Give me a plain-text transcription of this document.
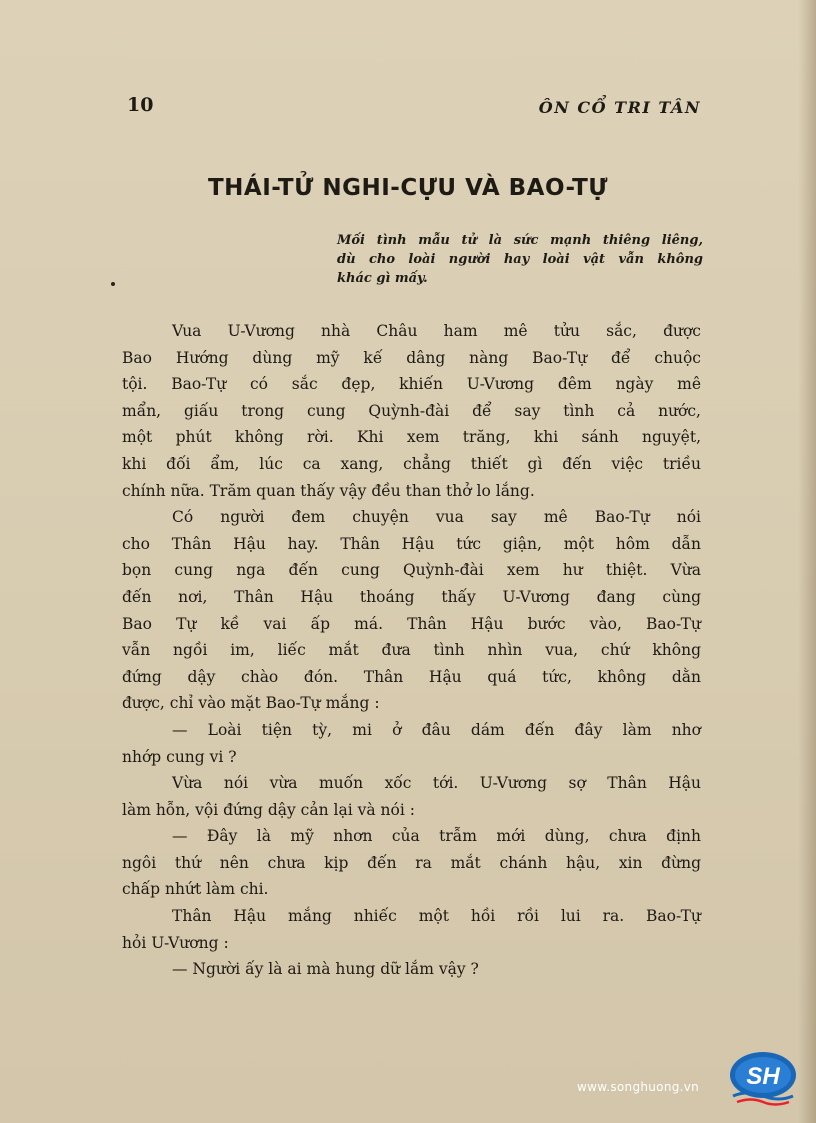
10	ÔN CỔ TRI TÂN
THÁI-TỬ NGHI-CỰU VÀ BAO-TỰ
Mối tình mẫu tử là sức mạnh thiêng liêng,
dù cho loài người hay loài vật vẫn không
khác gì mấy.
Vua U-Vương nhà Châu ham mê tửu sắc, được
Bao Hướng dùng mỹ kế dâng nàng Bao-Tự để chuộc
tội. Bao-Tự có sắc đẹp, khiến U-Vương đêm ngày mê
mẩn, giấu trong cung Quỳnh-đài để say tình cả nước,
một phút không rời. Khi xem trăng, khi sánh nguyệt,
khi đối ẩm, lúc ca xang, chẳng thiết gì đến việc triều
chính nữa. Trăm quan thấy vậy đều than thở lo lắng.
Có người đem chuyện vua say mê Bao-Tự nói
cho Thân Hậu hay. Thân Hậu tức giận, một hôm dẫn
bọn cung nga đến cung Quỳnh-đài xem hư thiệt. Vừa
đến nơi, Thân Hậu thoáng thấy U-Vương đang cùng
Bao Tự kề vai ấp má. Thân Hậu bước vào, Bao-Tự
vẫn ngồi im, liếc mắt đưa tình nhìn vua, chứ không
đứng dậy chào đón. Thân Hậu quá tức, không dằn
được, chỉ vào mặt Bao-Tự mắng :
— Loài tiện tỳ, mi ở đâu dám đến đây làm nhơ
nhớp cung vi ?
Vừa nói vừa muốn xốc tới. U-Vương sợ Thân Hậu
làm hỗn, vội đứng dậy cản lại và nói :
— Đây là mỹ nhơn của trẫm mới dùng, chưa định
ngôi thứ nên chưa kịp đến ra mắt chánh hậu, xin đừng
chấp nhứt làm chi.
Thân Hậu mắng nhiếc một hồi rồi lui ra. Bao-Tự
hỏi U-Vương :
— Người ấy là ai mà hung dữ lắm vậy ?
www.songhuong.vn SH
